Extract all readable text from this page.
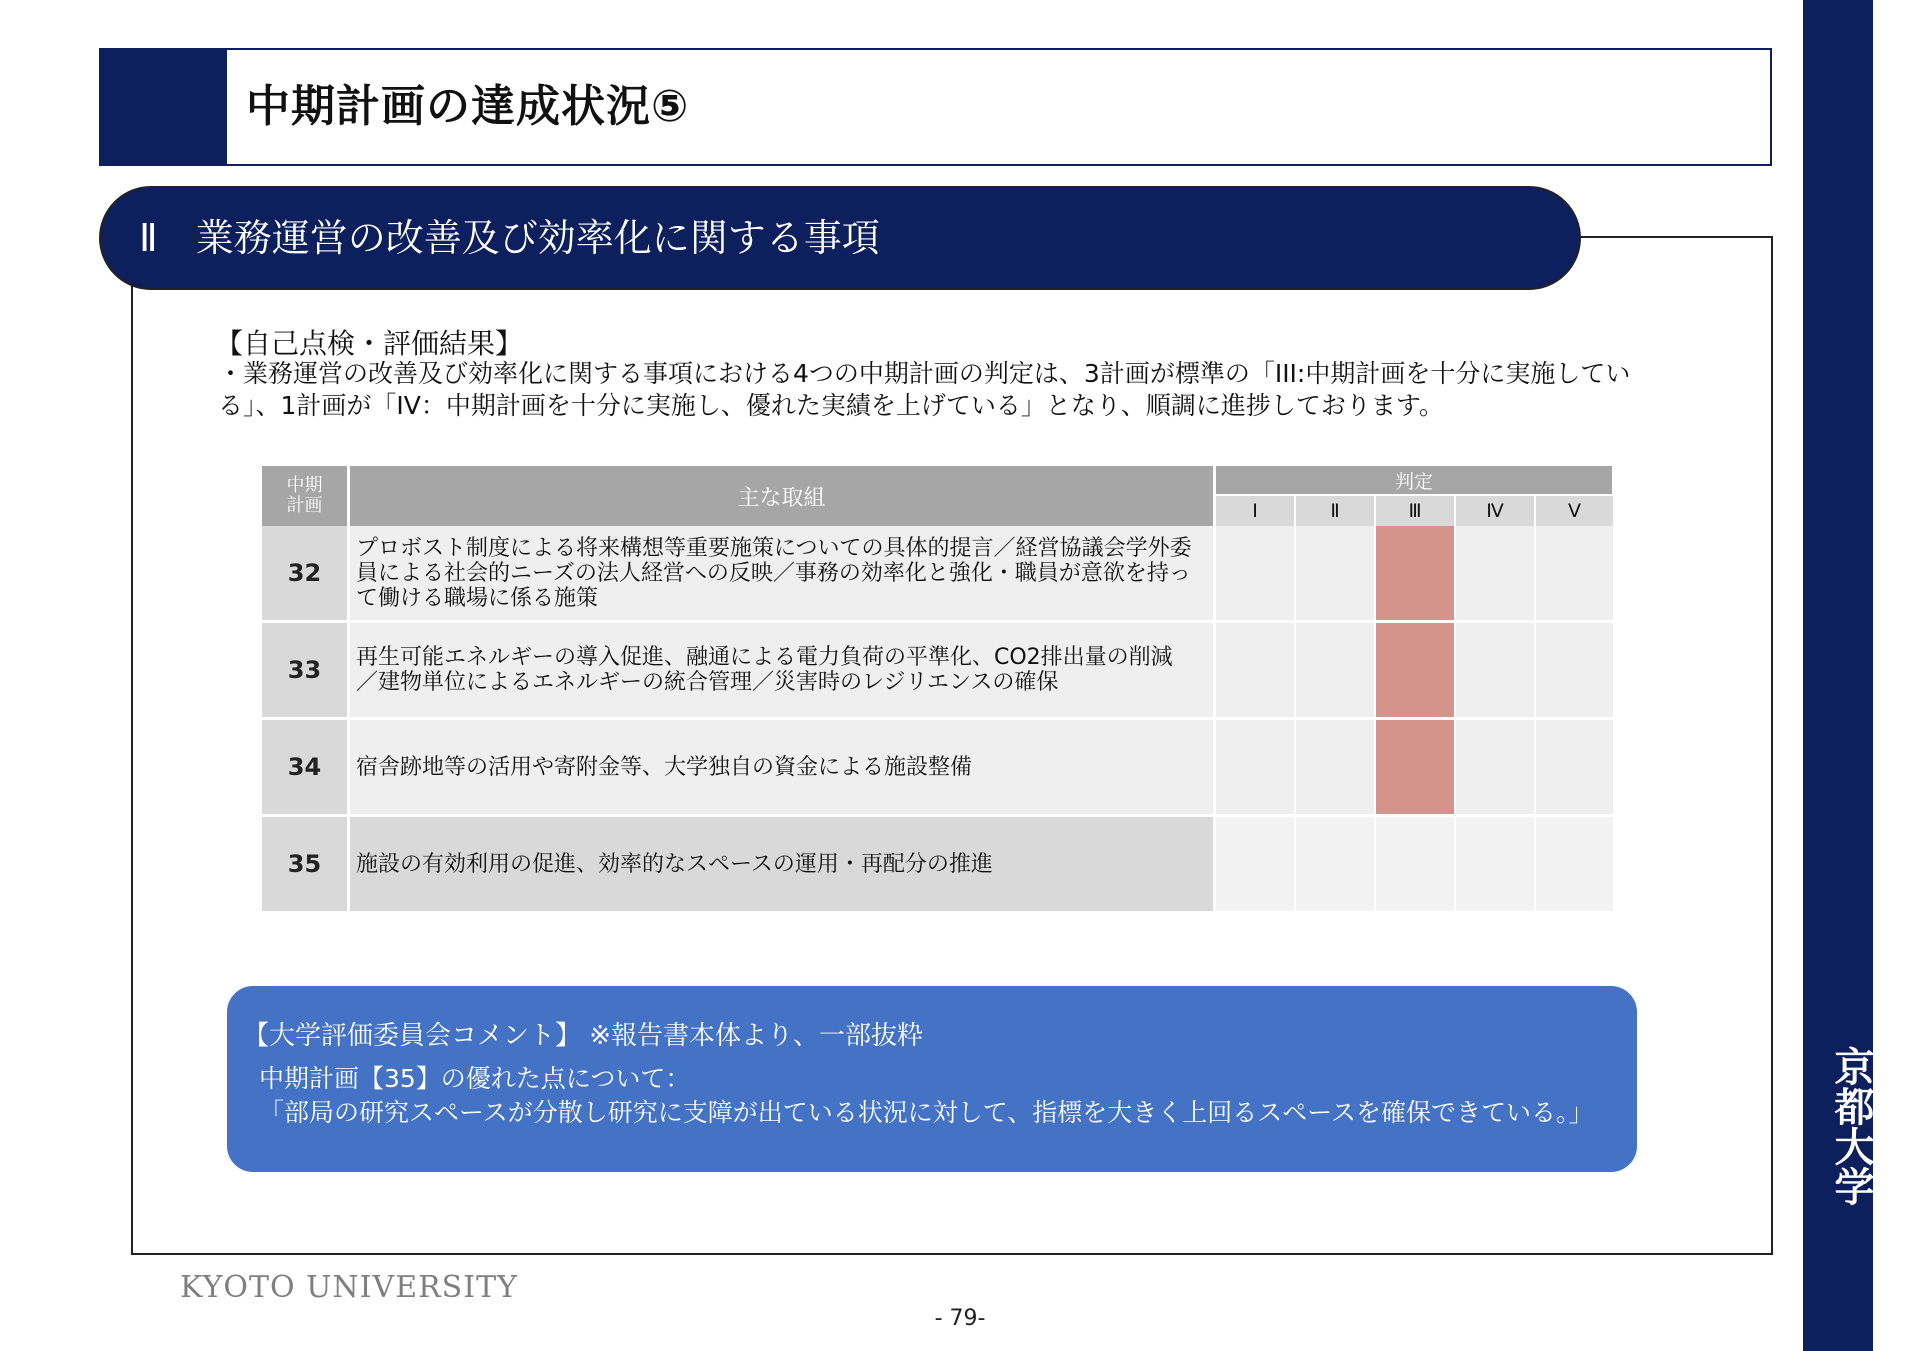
京都大学
中期計画の達成状況⑤
Ⅱ　業務運営の改善及び効率化に関する事項
【自己点検・評価結果】
・業務運営の改善及び効率化に関する事項における4つの中期計画の判定は、3計画が標準の「III:中期計画を十分に実施している」、1計画が「IV：中期計画を十分に実施し、優れた実績を上げている」となり、順調に進捗しております。
中期
計画	主な取組	判定				
		Ⅰ	Ⅱ	Ⅲ	Ⅳ	Ⅴ
32	プロボスト制度による将来構想等重要施策についての具体的提言／経営協議会学外委員による社会的ニーズの法人経営への反映／事務の効率化と強化・職員が意欲を持って働ける職場に係る施策					
33	再生可能エネルギーの導入促進、融通による電力負荷の平準化、CO2排出量の削減／建物単位によるエネルギーの統合管理／災害時のレジリエンスの確保					
34	宿舎跡地等の活用や寄附金等、大学独自の資金による施設整備					
35	施設の有効利用の促進、効率的なスペースの運用・再配分の推進					
【大学評価委員会コメント】 ※報告書本体より、一部抜粋
中期計画【35】の優れた点について：
「部局の研究スペースが分散し研究に支障が出ている状況に対して、指標を大きく上回るスペースを確保できている。」
KYOTO UNIVERSITY
- 79-
